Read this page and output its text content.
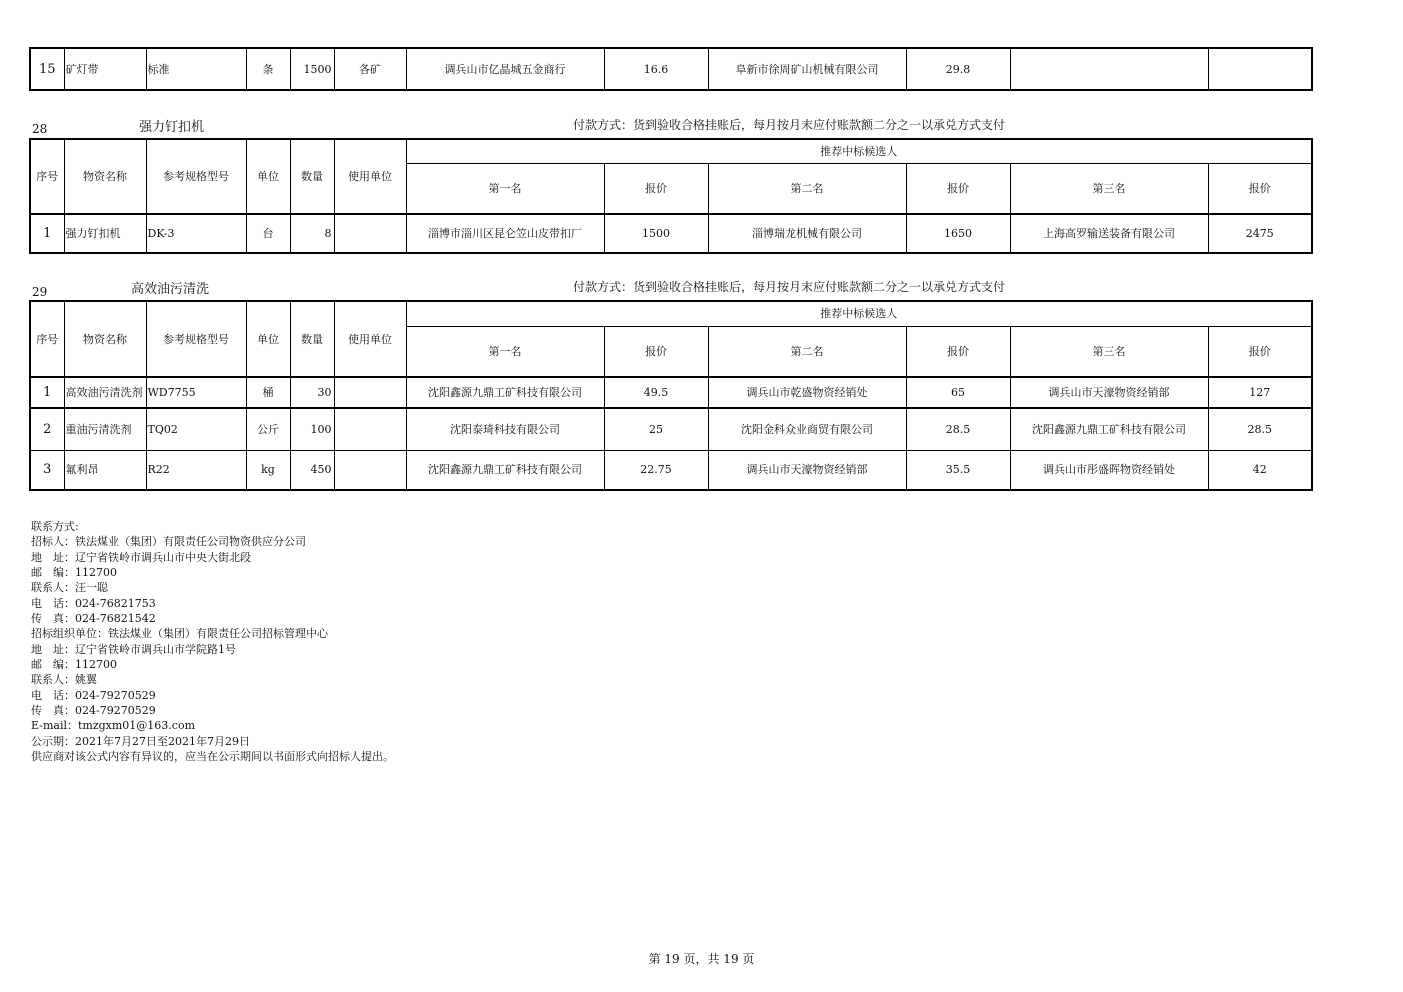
15	矿灯带	标准	条	1500	各矿	调兵山市亿晶城五金商行	16.6	阜新市徐周矿山机械有限公司	29.8		
28	强力钉扣机	付款方式：货到验收合格挂账后，每月按月末应付账款额二分之一以承兑方式支付
序号	物资名称	参考规格型号	单位	数量	使用单位	推荐中标候选人					
						第一名	报价	第二名	报价	第三名	报价
1	强力钉扣机	DK-3	台	8		淄博市淄川区昆仑笠山皮带扣厂	1500	淄博瑞龙机械有限公司	1650	上海高罗输送装备有限公司	2475
29	高效油污清洗	付款方式：货到验收合格挂账后，每月按月末应付账款额二分之一以承兑方式支付
序号	物资名称	参考规格型号	单位	数量	使用单位	推荐中标候选人					
						第一名	报价	第二名	报价	第三名	报价
1	高效油污清洗剂	WD7755	桶	30		沈阳鑫源九鼎工矿科技有限公司	49.5	调兵山市乾盛物资经销处	65	调兵山市天濠物资经销部	127
2	重油污清洗剂	TQ02	公斤	100		沈阳泰琦科技有限公司	25	沈阳金科众业商贸有限公司	28.5	沈阳鑫源九鼎工矿科技有限公司	28.5
3	氟利昂	R22	kg	450		沈阳鑫源九鼎工矿科技有限公司	22.75	调兵山市天濠物资经销部	35.5	调兵山市彤盛晖物资经销处	42
联系方式:
招标人：铁法煤业（集团）有限责任公司物资供应分公司
地　址：辽宁省铁岭市调兵山市中央大街北段
邮　编：112700
联系人：汪一聪
电　话：024-76821753
传　真：024-76821542
招标组织单位：铁法煤业（集团）有限责任公司招标管理中心
地　址：辽宁省铁岭市调兵山市学院路1号
邮　编：112700
联系人：姚翼
电　话：024-79270529
传　真：024-79270529
E-mail：tmzgxm01@163.com
公示期：2021年7月27日至2021年7月29日
供应商对该公式内容有异议的，应当在公示期间以书面形式向招标人提出。
第 19 页，共 19 页
